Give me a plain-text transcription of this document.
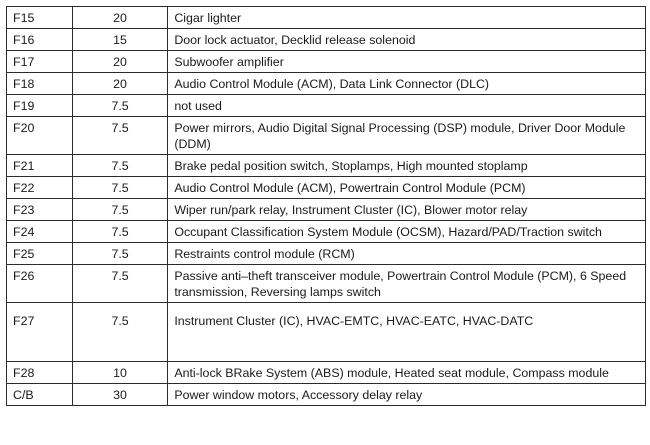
F15	20	Cigar lighter
F16	15	Door lock actuator, Decklid release solenoid
F17	20	Subwoofer amplifier
F18	20	Audio Control Module (ACM), Data Link Connector (DLC)
F19	7.5	not used
F20	7.5	Power mirrors, Audio Digital Signal Processing (DSP) module, Driver Door Module (DDM)
F21	7.5	Brake pedal position switch, Stoplamps, High mounted stoplamp
F22	7.5	Audio Control Module (ACM), Powertrain Control Module (PCM)
F23	7.5	Wiper run/park relay, Instrument Cluster (IC), Blower motor relay
F24	7.5	Occupant Classification System Module (OCSM), Hazard/PAD/Traction switch
F25	7.5	Restraints control module (RCM)
F26	7.5	Passive anti–theft transceiver module, Powertrain Control Module (PCM), 6 Speed transmission, Reversing lamps switch
F27	7.5	Instrument Cluster (IC), HVAC-EMTC, HVAC-EATC, HVAC-DATC
F28	10	Anti-lock BRake System (ABS) module, Heated seat module, Compass module
C/B	30	Power window motors, Accessory delay relay
